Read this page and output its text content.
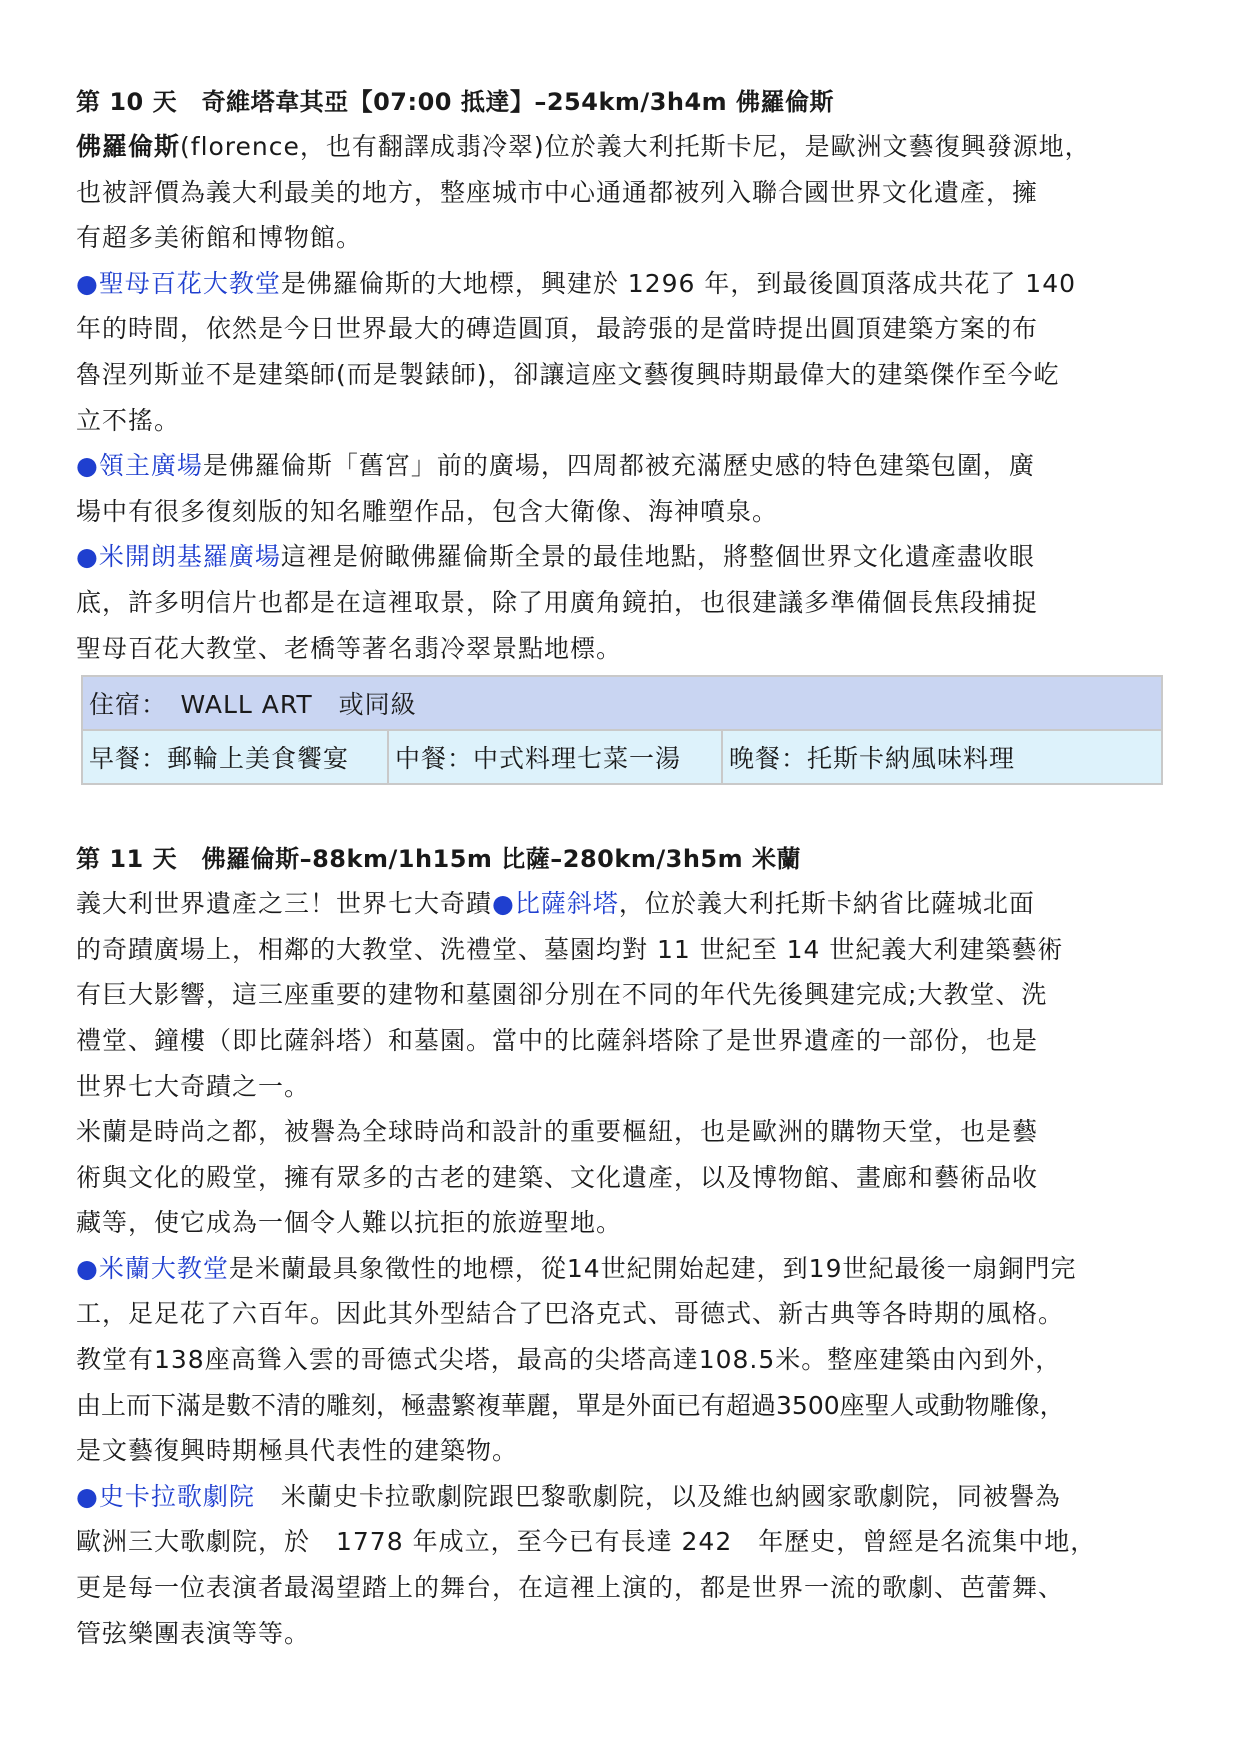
第 10 天　奇維塔韋其亞【07:00 抵達】–254km/3h4m 佛羅倫斯

佛羅倫斯(florence，也有翻譯成翡冷翠)位於義大利托斯卡尼，是歐洲文藝復興發源地，
也被評價為義大利最美的地方，整座城市中心通通都被列入聯合國世界文化遺產，擁
有超多美術館和博物館。

●聖母百花大教堂是佛羅倫斯的大地標，興建於 1296 年，到最後圓頂落成共花了 140
年的時間，依然是今日世界最大的磚造圓頂，最誇張的是當時提出圓頂建築方案的布
魯涅列斯並不是建築師(而是製錶師)，卻讓這座文藝復興時期最偉大的建築傑作至今屹
立不搖。

●領主廣場是佛羅倫斯「舊宮」前的廣場，四周都被充滿歷史感的特色建築包圍，廣
場中有很多復刻版的知名雕塑作品，包含大衛像、海神噴泉。

●米開朗基羅廣場這裡是俯瞰佛羅倫斯全景的最佳地點，將整個世界文化遺產盡收眼
底，許多明信片也都是在這裡取景，除了用廣角鏡拍，也很建議多準備個長焦段捕捉
聖母百花大教堂、老橋等著名翡冷翠景點地標。

住宿：　WALL ART　或同級
早餐：郵輪上美食饗宴	中餐：中式料理七菜一湯	晚餐：托斯卡納風味料理
第 11 天　佛羅倫斯–88km/1h15m 比薩–280km/3h5m 米蘭

義大利世界遺產之三！世界七大奇蹟●比薩斜塔，位於義大利托斯卡納省比薩城北面
的奇蹟廣場上，相鄰的大教堂、洗禮堂、墓園均對 11 世紀至 14 世紀義大利建築藝術
有巨大影響，這三座重要的建物和墓園卻分別在不同的年代先後興建完成;大教堂、洗
禮堂、鐘樓（即比薩斜塔）和墓園。當中的比薩斜塔除了是世界遺產的一部份，也是
世界七大奇蹟之一。

米蘭是時尚之都，被譽為全球時尚和設計的重要樞紐，也是歐洲的購物天堂，也是藝
術與文化的殿堂，擁有眾多的古老的建築、文化遺產，以及博物館、畫廊和藝術品收
藏等，使它成為一個令人難以抗拒的旅遊聖地。

●米蘭大教堂是米蘭最具象徵性的地標，從14世紀開始起建，到19世紀最後一扇銅門完
工，足足花了六百年。因此其外型結合了巴洛克式、哥德式、新古典等各時期的風格。
教堂有138座高聳入雲的哥德式尖塔，最高的尖塔高達108.5米。整座建築由內到外，
由上而下滿是數不清的雕刻，極盡繁複華麗，單是外面已有超過3500座聖人或動物雕像，
是文藝復興時期極具代表性的建築物。

●史卡拉歌劇院　米蘭史卡拉歌劇院跟巴黎歌劇院，以及維也納國家歌劇院，同被譽為
歐洲三大歌劇院，於　1778 年成立，至今已有長達 242　年歷史，曾經是名流集中地，
更是每一位表演者最渴望踏上的舞台，在這裡上演的，都是世界一流的歌劇、芭蕾舞、
管弦樂團表演等等。
